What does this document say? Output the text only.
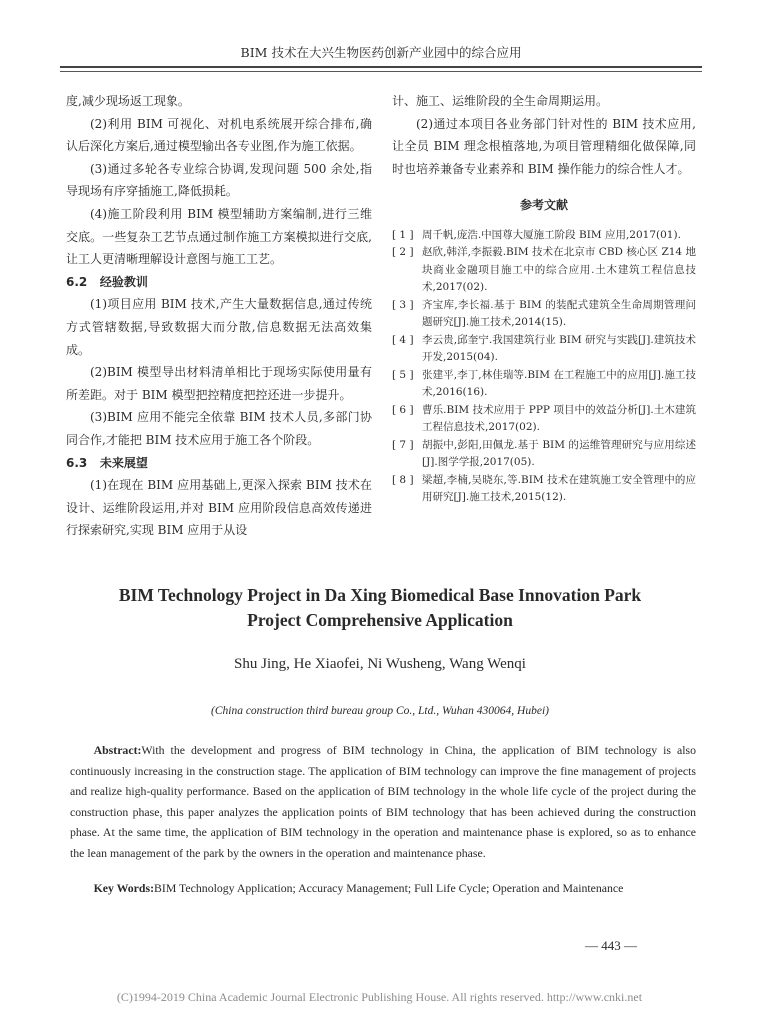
BIM 技术在大兴生物医药创新产业园中的综合应用

度,减少现场返工现象。

(2)利用 BIM 可视化、对机电系统展开综合排布,确认后深化方案后,通过模型输出各专业图,作为施工依据。

(3)通过多轮各专业综合协调,发现问题 500 余处,指导现场有序穿插施工,降低损耗。

(4)施工阶段利用 BIM 模型辅助方案编制,进行三维交底。一些复杂工艺节点通过制作施工方案模拟进行交底,让工人更清晰理解设计意图与施工工艺。

6.2 经验教训

(1)项目应用 BIM 技术,产生大量数据信息,通过传统方式管辖数据,导致数据大而分散,信息数据无法高效集成。

(2)BIM 模型导出材料清单相比于现场实际使用量有所差距。对于 BIM 模型把控精度把控还进一步提升。

(3)BIM 应用不能完全依靠 BIM 技术人员,多部门协同合作,才能把 BIM 技术应用于施工各个阶段。

6.3 未来展望

(1)在现在 BIM 应用基础上,更深入探索 BIM 技术在设计、运维阶段运用,并对 BIM 应用阶段信息高效传递进行探索研究,实现 BIM 应用于从设

计、施工、运维阶段的全生命周期运用。

(2)通过本项目各业务部门针对性的 BIM 技术应用,让全员 BIM 理念根植落地,为项目管理精细化做保障,同时也培养兼备专业素养和 BIM 操作能力的综合性人才。

参考文献
[ 1 ] 周千帆,庞浩.中国尊大厦施工阶段 BIM 应用,2017(01).
[ 2 ] 赵欣,韩洋,李振毅.BIM 技术在北京市 CBD 核心区 Z14 地块商业金融项目施工中的综合应用.土木建筑工程信息技术,2017(02).
[ 3 ] 齐宝库,李长福.基于 BIM 的装配式建筑全生命周期管理问题研究[J].施工技术,2014(15).
[ 4 ] 李云贵,邱奎宁.我国建筑行业 BIM 研究与实践[J].建筑技术开发,2015(04).
[ 5 ] 张建平,李丁,林佳瑞等.BIM 在工程施工中的应用[J].施工技术,2016(16).
[ 6 ] 曹乐.BIM 技术应用于 PPP 项目中的效益分析[J].土木建筑工程信息技术,2017(02).
[ 7 ] 胡振中,彭阳,田佩龙.基于 BIM 的运维管理研究与应用综述[J].图学学报,2017(05).
[ 8 ] 梁超,李楠,吴晓东,等.BIM 技术在建筑施工安全管理中的应用研究[J].施工技术,2015(12).
BIM Technology Project in Da Xing Biomedical Base Innovation Park
Project Comprehensive Application
Shu Jing, He Xiaofei, Ni Wusheng, Wang Wenqi
(China construction third bureau group Co., Ltd., Wuhan 430064, Hubei)
Abstract:With the development and progress of BIM technology in China, the application of BIM technology is also continuously increasing in the construction stage. The application of BIM technology can improve the fine management of projects and realize high-quality performance. Based on the application of BIM technology in the whole life cycle of the project during the construction phase, this paper analyzes the application points of BIM technology that has been achieved during the construction phase. At the same time, the application of BIM technology in the operation and maintenance phase is explored, so as to enhance the lean management of the park by the owners in the operation and maintenance phase.
Key Words:BIM Technology Application; Accuracy Management; Full Life Cycle; Operation and Maintenance
— 443 —
(C)1994-2019 China Academic Journal Electronic Publishing House. All rights reserved. http://www.cnki.net
